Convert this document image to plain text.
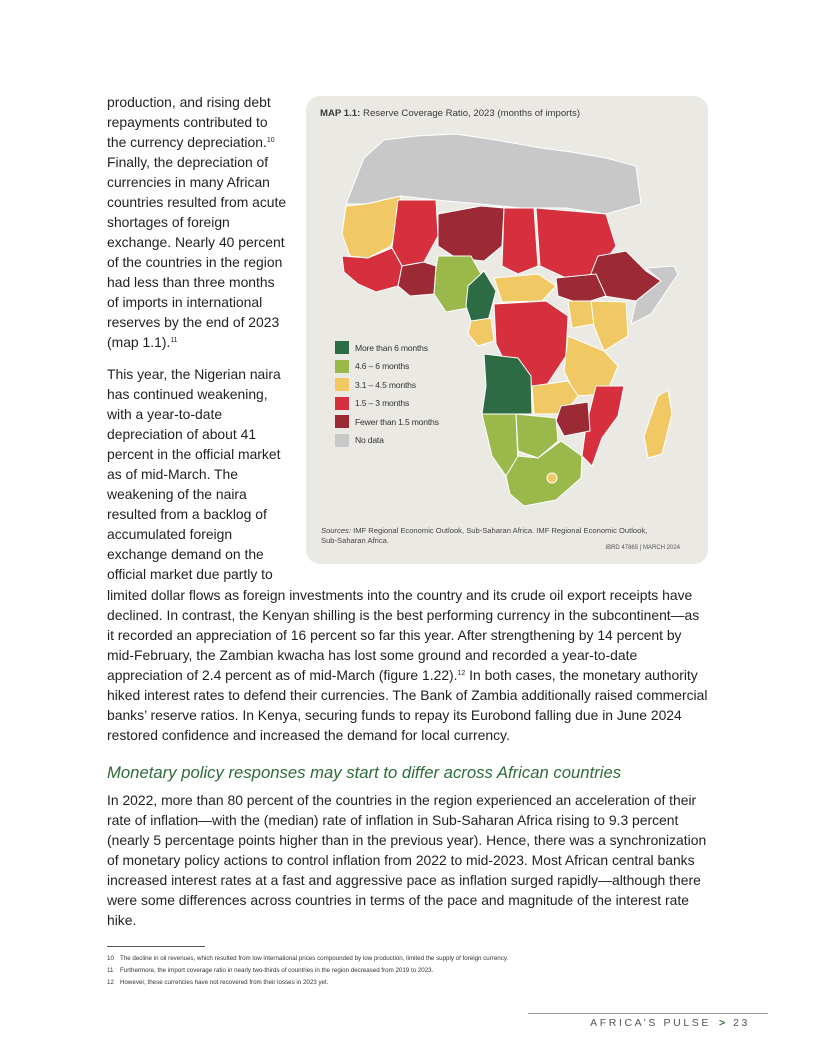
production, and rising debt repayments contributed to the currency depreciation.$^{10}$ Finally, the depreciation of currencies in many African countries resulted from acute shortages of foreign exchange. Nearly 40 percent of the countries in the region had less than three months of imports in international reserves by the end of 2023 (map 1.1).$^{11}$

This year, the Nigerian naira has continued weakening, with a year-to-date depreciation of about 41 percent in the official market as of mid-March. The weakening of the naira resulted from a backlog of accumulated foreign exchange demand on the official market due partly to

MAP 1.1: Reserve Coverage Ratio, 2023 (months of imports)
More than 6 months
4.6 – 6 months
3.1 – 4.5 months
1.5 – 3 months
Fewer than 1.5 months
No data
Sources: IMF Regional Economic Outlook, Sub-Saharan Africa. IMF Regional Economic Outlook, Sub-Saharan Africa.
IBRD 47865 | MARCH 2024

limited dollar flows as foreign investments into the country and its crude oil export receipts have declined. In contrast, the Kenyan shilling is the best performing currency in the subcontinent—as it recorded an appreciation of 16 percent so far this year. After strengthening by 14 percent by mid-February, the Zambian kwacha has lost some ground and recorded a year-to-date appreciation of 2.4 percent as of mid-March (figure 1.22).$^{12}$ In both cases, the monetary authority hiked interest rates to defend their currencies. The Bank of Zambia additionally raised commercial banks’ reserve ratios. In Kenya, securing funds to repay its Eurobond falling due in June 2024 restored confidence and increased the demand for local currency.

Monetary policy responses may start to differ across African countries

In 2022, more than 80 percent of the countries in the region experienced an acceleration of their rate of inflation—with the (median) rate of inflation in Sub-Saharan Africa rising to 9.3 percent (nearly 5 percentage points higher than in the previous year). Hence, there was a synchronization of monetary policy actions to control inflation from 2022 to mid-2023. Most African central banks increased interest rates at a fast and aggressive pace as inflation surged rapidly—although there were some differences across countries in terms of the pace and magnitude of the interest rate hike.

10 The decline in oil revenues, which resulted from low international prices compounded by low production, limited the supply of foreign currency.
11	Furthermore, the import coverage ratio in nearly two-thirds of countries in the region decreased from 2019 to 2023.
12 However, these currencies have not recovered from their losses in 2023 yet.
AFRICA’S PULSE > 23
